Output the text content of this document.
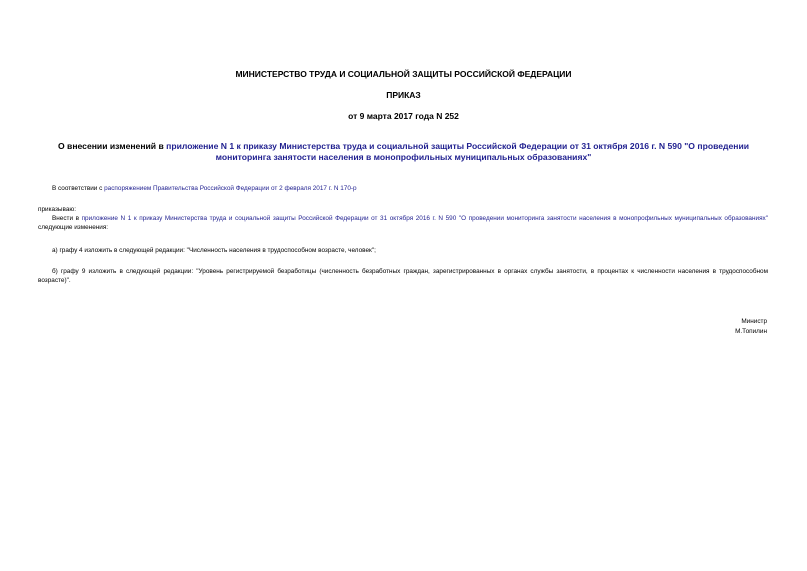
МИНИСТЕРСТВО ТРУДА И СОЦИАЛЬНОЙ ЗАЩИТЫ РОССИЙСКОЙ ФЕДЕРАЦИИ
ПРИКАЗ
от 9 марта 2017 года N 252
О внесении изменений в приложение N 1 к приказу Министерства труда и социальной защиты Российской Федерации от 31 октября 2016 г. N 590 "О проведении мониторинга занятости населения в монопрофильных муниципальных образованиях"
В соответствии с распоряжением Правительства Российской Федерации от 2 февраля 2017 г. N 170-р
приказываю:
Внести в приложение N 1 к приказу Министерства труда и социальной защиты Российской Федерации от 31 октября 2016 г. N 590 "О проведении мониторинга занятости населения в монопрофильных муниципальных образованиях" следующие изменения:
а) графу 4 изложить в следующей редакции: "Численность населения в трудоспособном возрасте, человек";
б) графу 9 изложить в следующей редакции: "Уровень регистрируемой безработицы (численность безработных граждан, зарегистрированных в органах службы занятости, в процентах к численности населения в трудоспособном возрасте)".
Министр
М.Топилин
